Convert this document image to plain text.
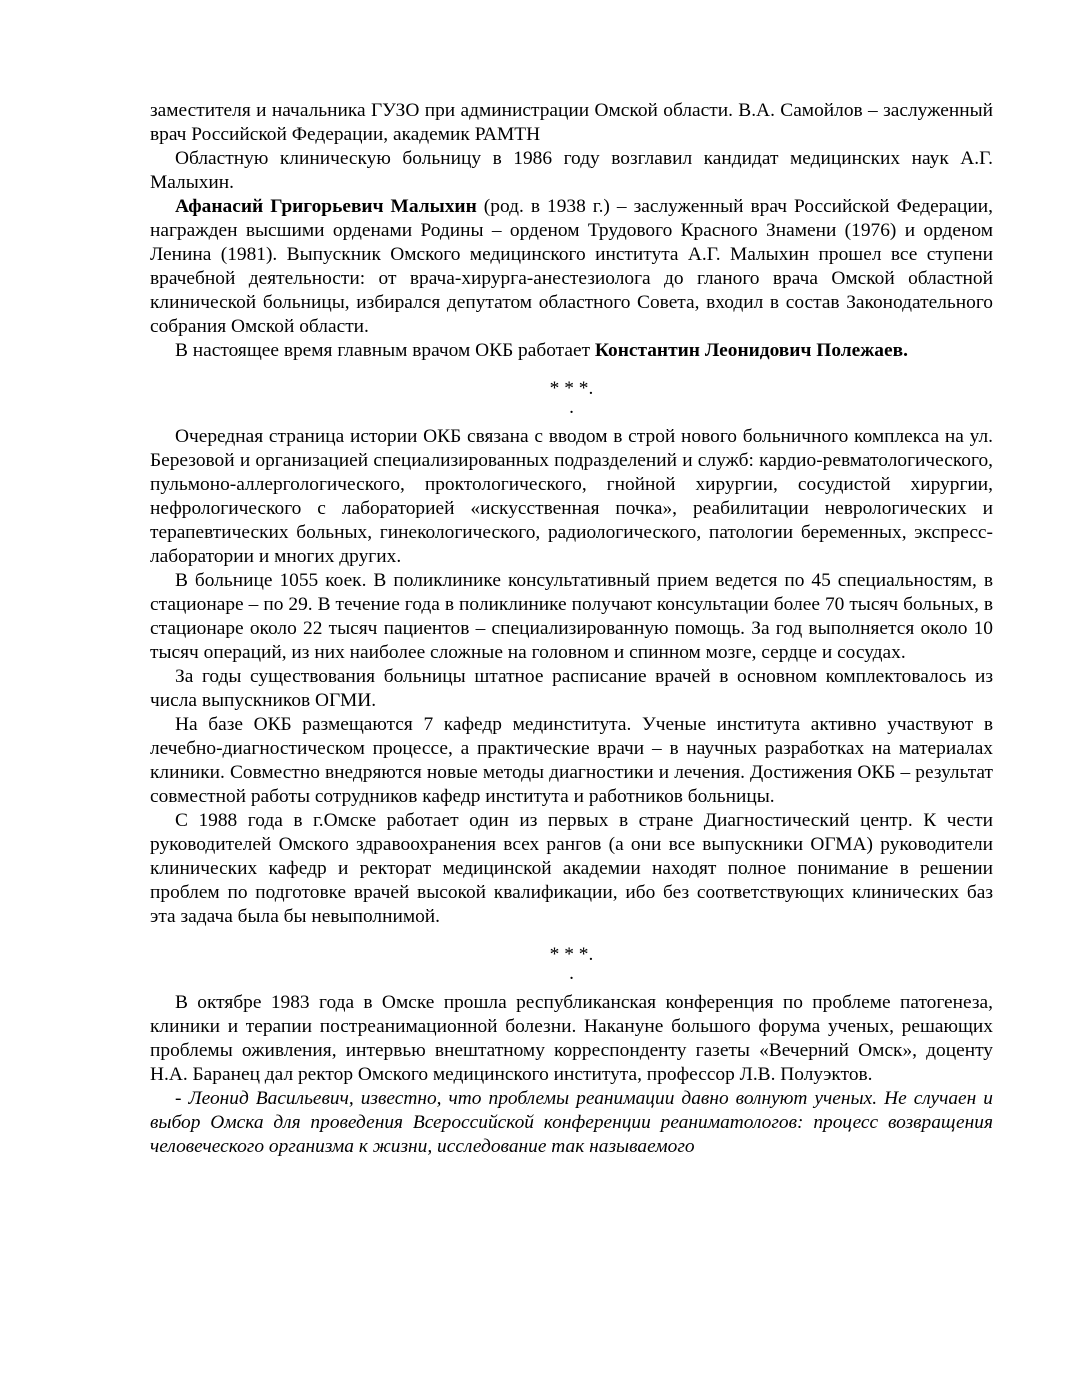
заместителя и начальника ГУЗО при администрации Омской области. В.А. Самойлов – заслуженный врач Российской Федерации, академик РАМТН

Областную клиническую больницу в 1986 году возглавил кандидат медицинских наук А.Г. Малыхин.

Афанасий Григорьевич Малыхин (род. в 1938 г.) – заслуженный врач Российской Федерации, награжден высшими орденами Родины – орденом Трудового Красного Знамени (1976) и орденом Ленина (1981). Выпускник Омского медицинского института А.Г. Малыхин прошел все ступени врачебной деятельности: от врача-хирурга-анестезиолога до гланого врача Омской областной клинической больницы, избирался депутатом областного Совета, входил в состав Законодательного собрания Омской области.

В настоящее время главным врачом ОКБ работает Константин Леонидович Полежаев.

* * *.
.

Очередная страница истории ОКБ связана с вводом в строй нового больничного комплекса на ул. Березовой и организацией специализированных подразделений и служб: кардио-ревматологического, пульмоно-аллергологического, проктологического, гнойной хирургии, сосудистой хирургии, нефрологического с лабораторией «искусственная почка», реабилитации неврологических и терапевтических больных, гинекологического, радиологического, патологии беременных, экспресс-лаборатории и многих других.

В больнице 1055 коек. В поликлинике консультативный прием ведется по 45 специальностям, в стационаре – по 29. В течение года в поликлинике получают консультации более 70 тысяч больных, в стационаре около 22 тысяч пациентов – специализированную помощь. За год выполняется около 10 тысяч операций, из них наиболее сложные на головном и спинном мозге, сердце и сосудах.

За годы существования больницы штатное расписание врачей в основном комплектовалось из числа выпускников ОГМИ.

На базе ОКБ размещаются 7 кафедр мединститута. Ученые института активно участвуют в лечебно-диагностическом процессе, а практические врачи – в научных разработках на материалах клиники. Совместно внедряются новые методы диагностики и лечения. Достижения ОКБ – результат совместной работы сотрудников кафедр института и работников больницы.

С 1988 года в г.Омске работает один из первых в стране Диагностический центр. К чести руководителей Омского здравоохранения всех рангов (а они все выпускники ОГМА) руководители клинических кафедр и ректорат медицинской академии находят полное понимание в решении проблем по подготовке врачей высокой квалификации, ибо без соответствующих клинических баз эта задача была бы невыполнимой.

* * *.
.

В октябре 1983 года в Омске прошла республиканская конференция по проблеме патогенеза, клиники и терапии постреанимационной болезни. Накануне большого форума ученых, решающих проблемы оживления, интервью внештатному корреспонденту газеты «Вечерний Омск», доценту Н.А. Баранец дал ректор Омского медицинского института, профессор Л.В. Полуэктов.

- Леонид Васильевич, известно, что проблемы реанимации давно волнуют ученых. Не случаен и выбор Омска для проведения Всероссийской конференции реаниматологов: процесс возвращения человеческого организма к жизни, исследование так называемого
